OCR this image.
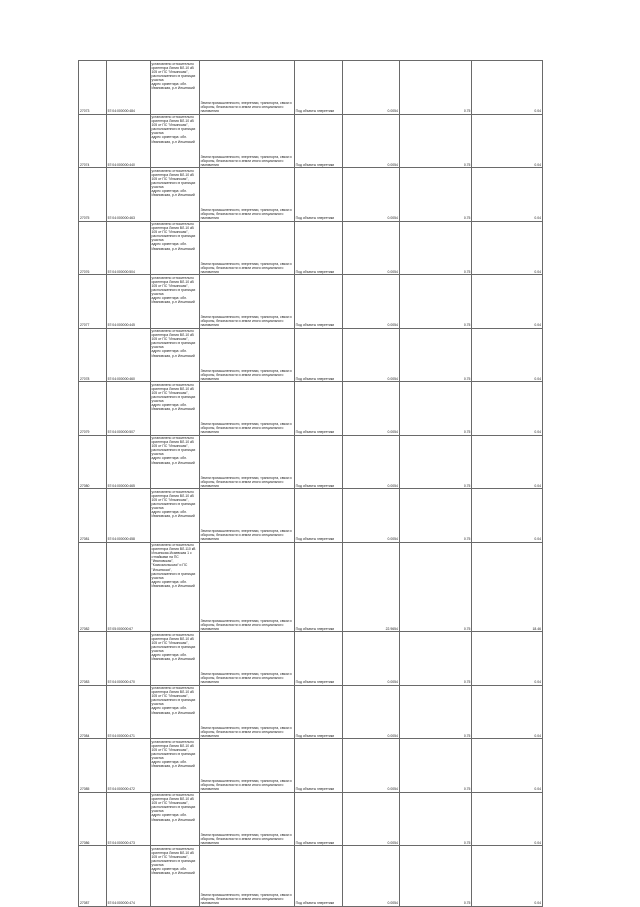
27073	57:04:000000:484	установлено относительно ориентира Линия ВЛ-10 кВ 105 от ПС "Ильинская", расположенного в границах участка
адрес ориентира: обл. Ивановская, р-н Ильинский	Земли промышленности, энергетики, транспорта, связи и обороны, безопасности и земли иного специального назначения	Под объекты энергетики	0.0054	0.75	0.04
27074	57:04:000000:440	установлено относительно ориентира Линия ВЛ-10 кВ 105 от ПС "Ильинская", расположенного в границах участка
адрес ориентира: обл. Ивановская, р-н Ильинский	Земли промышленности, энергетики, транспорта, связи и обороны, безопасности и земли иного специального назначения	Под объекты энергетики	0.0054	0.75	0.04
27075	57:04:000000:463	установлено относительно ориентира Линия ВЛ-10 кВ 105 от ПС "Ильинская", расположенного в границах участка
адрес ориентира: обл. Ивановская, р-н Ильинский	Земли промышленности, энергетики, транспорта, связи и обороны, безопасности и земли иного специального назначения	Под объекты энергетики	0.0054	0.75	0.04
27076	57:04:000000:504	установлено относительно ориентира Линия ВЛ-10 кВ 105 от ПС "Ильинская", расположенного в границах участка
адрес ориентира: обл. Ивановская, р-н Ильинский	Земли промышленности, энергетики, транспорта, связи и обороны, безопасности и земли иного специального назначения	Под объекты энергетики	0.0054	0.75	0.04
27077	57:04:000000:445	установлено относительно ориентира Линия ВЛ-10 кВ 105 от ПС "Ильинская", расположенного в границах участка
адрес ориентира: обл. Ивановская, р-н Ильинский	Земли промышленности, энергетики, транспорта, связи и обороны, безопасности и земли иного специального назначения	Под объекты энергетики	0.0054	0.75	0.04
27078	57:04:000000:460	установлено относительно ориентира Линия ВЛ-10 кВ 105 от ПС "Ильинская", расположенного в границах участка
адрес ориентира: обл. Ивановская, р-н Ильинский	Земли промышленности, энергетики, транспорта, связи и обороны, безопасности и земли иного специального назначения	Под объекты энергетики	0.0054	0.75	0.04
27079	57:04:000000:507	установлено относительно ориентира Линия ВЛ-10 кВ 105 от ПС "Ильинская", расположенного в границах участка
адрес ориентира: обл. Ивановская, р-н Ильинский	Земли промышленности, энергетики, транспорта, связи и обороны, безопасности и земли иного специального назначения	Под объекты энергетики	0.0054	0.75	0.04
27080	57:04:000000:465	установлено относительно ориентира Линия ВЛ-10 кВ 105 от ПС "Ильинская", расположенного в границах участка
адрес ориентира: обл. Ивановская, р-н Ильинский	Земли промышленности, энергетики, транспорта, связи и обороны, безопасности и земли иного специального назначения	Под объекты энергетики	0.0054	0.75	0.04
27081	57:04:000000:458	установлено относительно ориентира Линия ВЛ-10 кВ 105 от ПС "Ильинская", расположенного в границах участка
адрес ориентира: обл. Ивановская, р-н Ильинский	Земли промышленности, энергетики, транспорта, связи и обороны, безопасности и земли иного специального назначения	Под объекты энергетики	0.0054	0.75	0.04
27082	57:05:000000:67	установлено относительно ориентира Линия ВЛ-110 кВ Ильинская-Исаевская 1 с отпайками на ПС "Ивановская", "Комсомольская" и ПС "Ильинская", расположенного в границах участка
адрес ориентира: обл. Ивановская, р-н Ильинский	Земли промышленности, энергетики, транспорта, связи и обороны, безопасности и земли иного специального назначения	Под объекты энергетики	22.9654	0.75	18.46
27083	57:04:000000:470	установлено относительно ориентира Линия ВЛ-10 кВ 105 от ПС "Ильинская", расположенного в границах участка
адрес ориентира: обл. Ивановская, р-н Ильинский	Земли промышленности, энергетики, транспорта, связи и обороны, безопасности и земли иного специального назначения	Под объекты энергетики	0.0054	0.75	0.04
27084	57:04:000000:471	установлено относительно ориентира Линия ВЛ-10 кВ 105 от ПС "Ильинская", расположенного в границах участка
адрес ориентира: обл. Ивановская, р-н Ильинский	Земли промышленности, энергетики, транспорта, связи и обороны, безопасности и земли иного специального назначения	Под объекты энергетики	0.0054	0.75	0.04
27085	57:04:000000:472	установлено относительно ориентира Линия ВЛ-10 кВ 105 от ПС "Ильинская", расположенного в границах участка
адрес ориентира: обл. Ивановская, р-н Ильинский	Земли промышленности, энергетики, транспорта, связи и обороны, безопасности и земли иного специального назначения	Под объекты энергетики	0.0054	0.75	0.04
27086	57:04:000000:473	установлено относительно ориентира Линия ВЛ-10 кВ 105 от ПС "Ильинская", расположенного в границах участка
адрес ориентира: обл. Ивановская, р-н Ильинский	Земли промышленности, энергетики, транспорта, связи и обороны, безопасности и земли иного специального назначения	Под объекты энергетики	0.0054	0.75	0.04
27087	57:04:000000:474	установлено относительно ориентира Линия ВЛ-10 кВ 105 от ПС "Ильинская", расположенного в границах участка
адрес ориентира: обл. Ивановская, р-н Ильинский	Земли промышленности, энергетики, транспорта, связи и обороны, безопасности и земли иного специального назначения	Под объекты энергетики	0.0054	0.75	0.04
